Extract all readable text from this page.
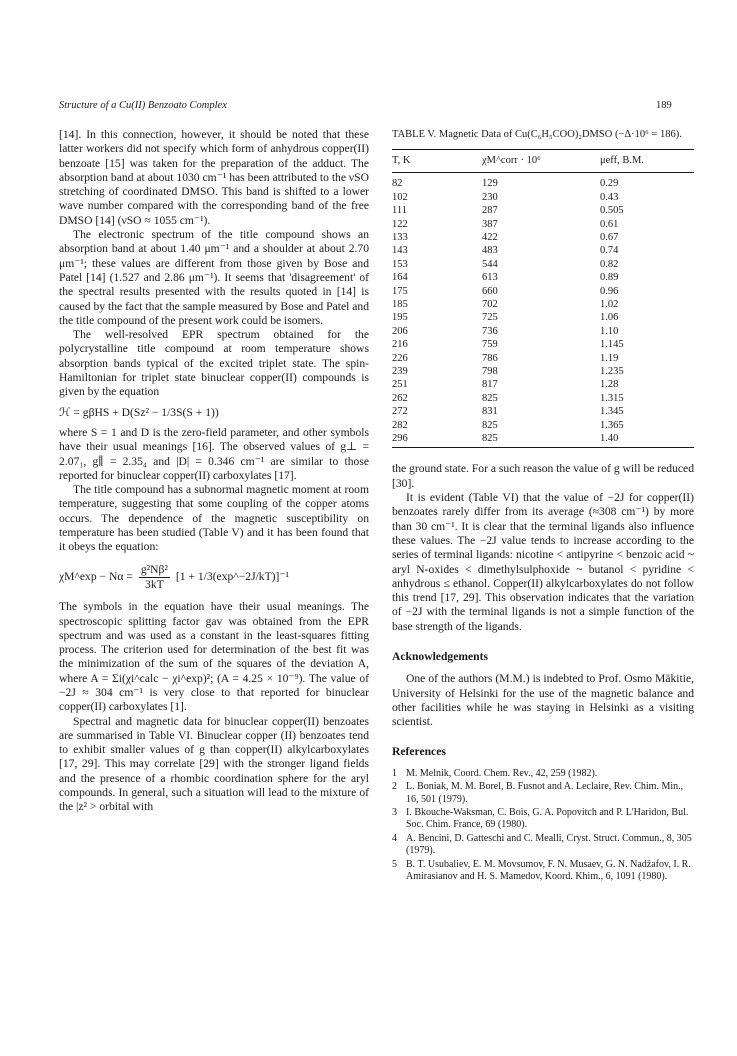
Structure of a Cu(II) Benzoato Complex	189

[14]. In this connection, however, it should be noted that these latter workers did not specify which form of anhydrous copper(II) benzoate [15] was taken for the preparation of the adduct. The absorption band at about 1030 cm⁻¹ has been attributed to the νSO stretching of coordinated DMSO. This band is shifted to a lower wave number compared with the corresponding band of the free DMSO [14] (νSO ≈ 1055 cm⁻¹).

The electronic spectrum of the title compound shows an absorption band at about 1.40 μm⁻¹ and a shoulder at about 2.70 μm⁻¹; these values are different from those given by Bose and Patel [14] (1.527 and 2.86 μm⁻¹). It seems that 'disagreement' of the spectral results presented with the results quoted in [14] is caused by the fact that the sample measured by Bose and Patel and the title compound of the present work could be isomers.

The well-resolved EPR spectrum obtained for the polycrystalline title compound at room temperature shows absorption bands typical of the excited triplet state. The spin-Hamiltonian for triplet state binuclear copper(II) compounds is given by the equation

ℋ = gβHS + D(Sz² − 1/3S(S + 1))

where S = 1 and D is the zero-field parameter, and other symbols have their usual meanings [16]. The observed values of g⊥ = 2.07₁, g∥ = 2.35₄ and |D| = 0.346 cm⁻¹ are similar to those reported for binuclear copper(II) carboxylates [17].

The title compound has a subnormal magnetic moment at room temperature, suggesting that some coupling of the copper atoms occurs. The dependence of the magnetic susceptibility on temperature has been studied (Table V) and it has been found that it obeys the equation:

χM^exp − $N\alpha = \frac{\text{g²Nβ²}}{3kT} [1$ + 1/3(exp^−2J/kT)]⁻¹

The symbols in the equation have their usual meanings. The spectroscopic splitting factor gav was obtained from the EPR spectrum and was used as a constant in the least-squares fitting process. The criterion used for determination of the best fit was the minimization of the sum of the squares of the deviation A, where A = Σi(χi^calc − χi^exp)²; (A = 4.25 × 10⁻⁹). The value of −2J ≈ 304 cm⁻¹ is very close to that reported for binuclear copper(II) carboxylates [1].

Spectral and magnetic data for binuclear copper(II) benzoates are summarised in Table VI. Binuclear copper (II) benzoates tend to exhibit smaller values of g than copper(II) alkylcarboxylates [17, 29]. This may correlate [29] with the stronger ligand fields and the presence of a rhombic coordination sphere for the aryl compounds. In general, such a situation will lead to the mixture of the |z² > orbital with

TABLE V. Magnetic Data of Cu(C₆H₅COO)₂DMSO (−Δ·10⁶ = 186).
T, K	χM^corr · 10⁶	μeff, B.M.
82	129	0.29
102	230	0.43
111	287	0.505
122	387	0.61
133	422	0.67
143	483	0.74
153	544	0.82
164	613	0.89
175	660	0.96
185	702	1.02
195	725	1.06
206	736	1.10
216	759	1.145
226	786	1.19
239	798	1.235
251	817	1.28
262	825	1.315
272	831	1.345
282	825	1.365
296	825	1.40

the ground state. For a such reason the value of g will be reduced [30].

It is evident (Table VI) that the value of −2J for copper(II) benzoates rarely differ from its average (≈308 cm⁻¹) by more than 30 cm⁻¹. It is clear that the terminal ligands also influence these values. The −2J value tends to increase according to the series of terminal ligands: nicotine < antipyrine < benzoic acid ~ aryl N-oxides < dimethylsulphoxide ~ butanol < pyridine < anhydrous ≤ ethanol. Copper(II) alkylcarboxylates do not follow this trend [17, 29]. This observation indicates that the variation of −2J with the terminal ligands is not a simple function of the base strength of the ligands.

Acknowledgements

One of the authors (M.M.) is indebted to Prof. Osmo Mäkitie, University of Helsinki for the use of the magnetic balance and other facilities while he was staying in Helsinki as a visiting scientist.

References
1 M. Melník, Coord. Chem. Rev., 42, 259 (1982).
2 L. Boniak, M. M. Borel, B. Fusnot and A. Leclaire, Rev. Chim. Min., 16, 501 (1979).
3 I. Bkouche-Waksman, C. Bois, G. A. Popovitch and P. L'Haridon, Bul. Soc. Chim. France, 69 (1980).
4 A. Bencini, D. Gatteschi and C. Mealli, Cryst. Struct. Commun., 8, 305 (1979).
5 B. T. Usubaliev, E. M. Movsumov, F. N. Musaev, G. N. Nadžafov, I. R. Amirasianov and H. S. Mamedov, Koord. Khim., 6, 1091 (1980).
